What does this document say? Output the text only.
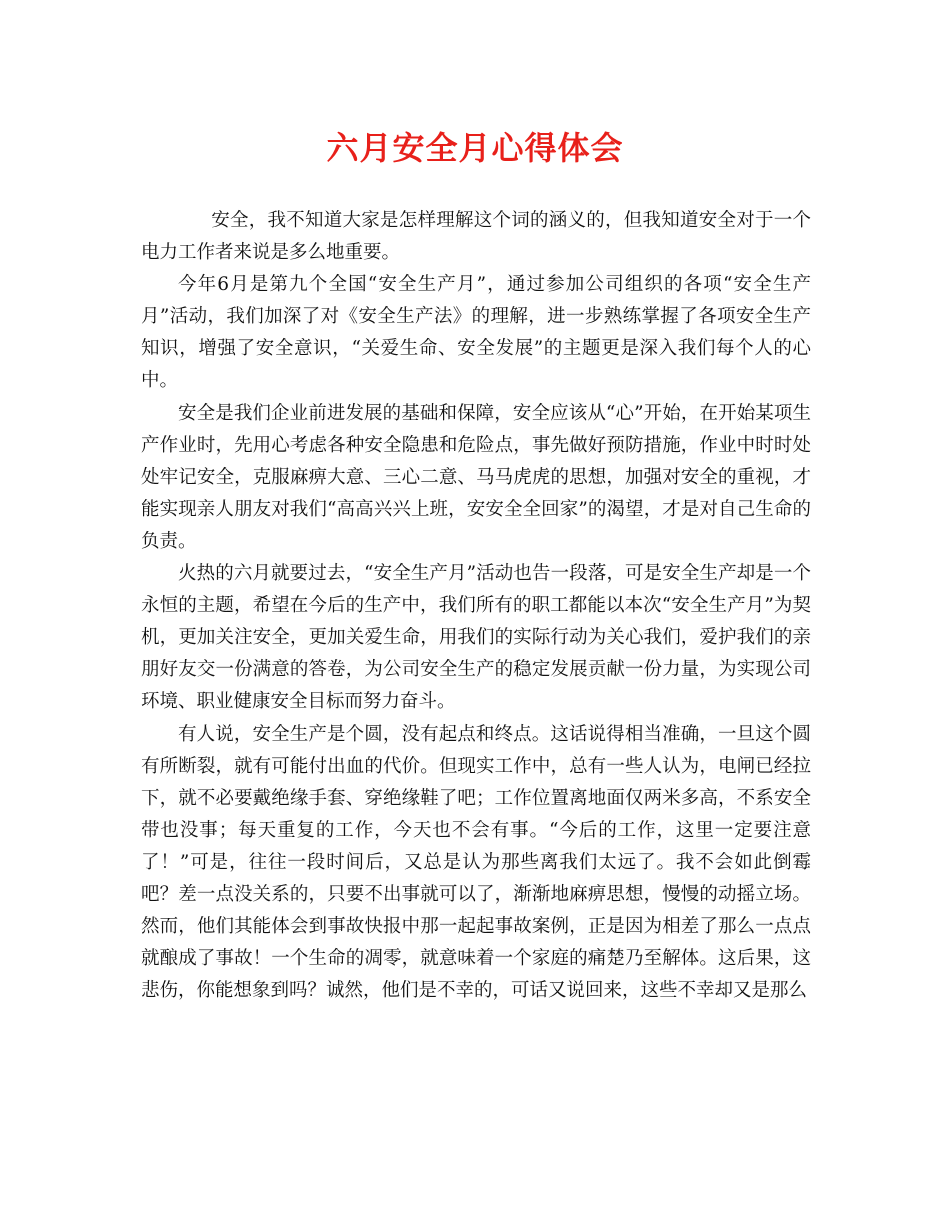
六月安全月心得体会

安全，我不知道大家是怎样理解这个词的涵义的，但我知道安全对于一个电力工作者来说是多么地重要。

今年6月是第九个全国“安全生产月”，通过参加公司组织的各项“安全生产月”活动，我们加深了对《安全生产法》的理解，进一步熟练掌握了各项安全生产知识，增强了安全意识，“关爱生命、安全发展”的主题更是深入我们每个人的心中。

安全是我们企业前进发展的基础和保障，安全应该从“心”开始，在开始某项生产作业时，先用心考虑各种安全隐患和危险点，事先做好预防措施，作业中时时处处牢记安全，克服麻痹大意、三心二意、马马虎虎的思想，加强对安全的重视，才能实现亲人朋友对我们“高高兴兴上班，安安全全回家”的渴望，才是对自己生命的负责。

火热的六月就要过去，“安全生产月”活动也告一段落，可是安全生产却是一个永恒的主题，希望在今后的生产中，我们所有的职工都能以本次“安全生产月”为契机，更加关注安全，更加关爱生命，用我们的实际行动为关心我们，爱护我们的亲朋好友交一份满意的答卷，为公司安全生产的稳定发展贡献一份力量，为实现公司环境、职业健康安全目标而努力奋斗。

有人说，安全生产是个圆，没有起点和终点。这话说得相当准确，一旦这个圆有所断裂，就有可能付出血的代价。但现实工作中，总有一些人认为，电闸已经拉下，就不必要戴绝缘手套、穿绝缘鞋了吧；工作位置离地面仅两米多高，不系安全带也没事；每天重复的工作，今天也不会有事。“今后的工作，这里一定要注意了！”可是，往往一段时间后，又总是认为那些离我们太远了。我不会如此倒霉吧？差一点没关系的，只要不出事就可以了，渐渐地麻痹思想，慢慢的动摇立场。然而，他们其能体会到事故快报中那一起起事故案例，正是因为相差了那么一点点就酿成了事故！一个生命的凋零，就意味着一个家庭的痛楚乃至解体。这后果，这悲伤，你能想象到吗？诚然，他们是不幸的，可话又说回来，这些不幸却又是那么
